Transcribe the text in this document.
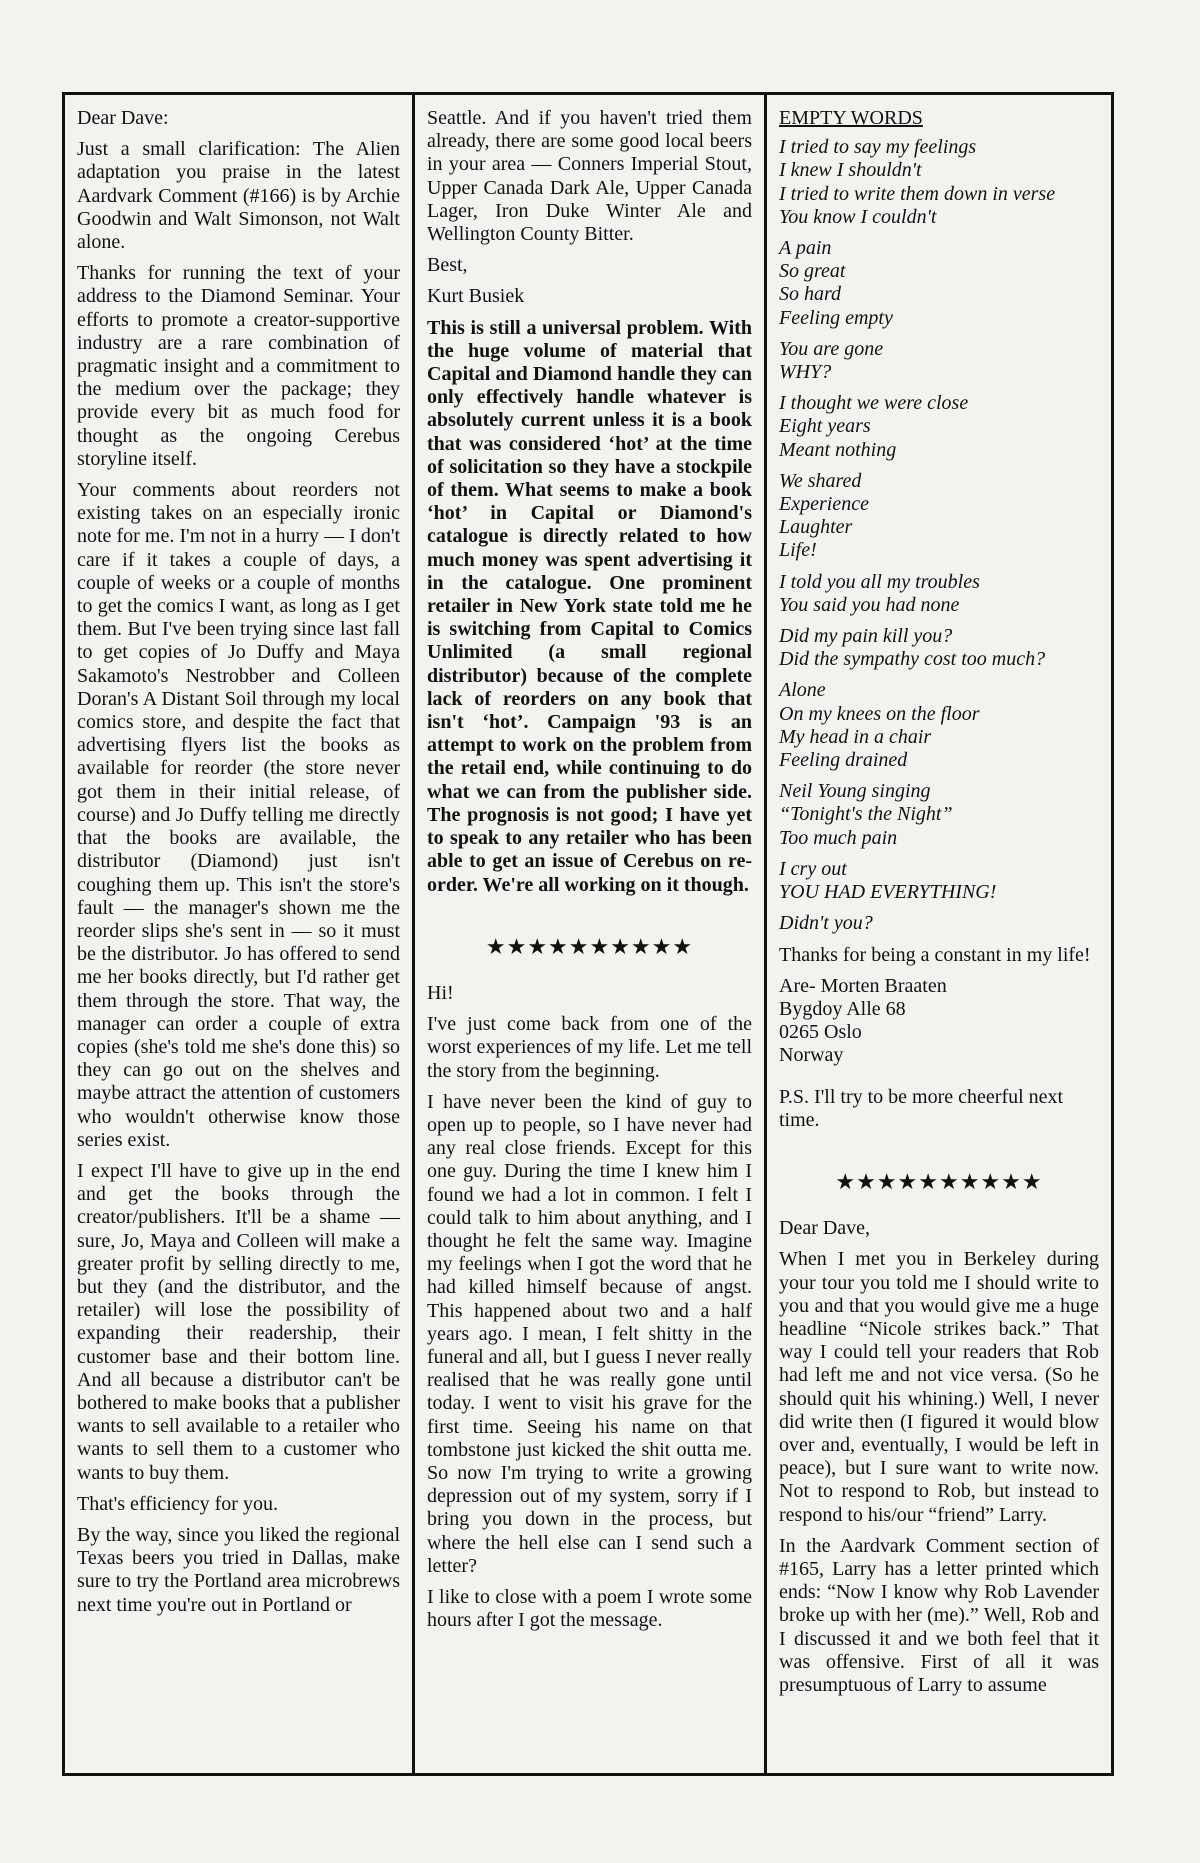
Dear Dave:

Just a small clarification: The Alien adaptation you praise in the latest Aardvark Comment (#166) is by Archie Goodwin and Walt Simonson, not Walt alone.

Thanks for running the text of your address to the Diamond Seminar. Your efforts to promote a creator-supportive industry are a rare combination of pragmatic insight and a commitment to the medium over the package; they provide every bit as much food for thought as the ongoing Cerebus storyline itself.

Your comments about reorders not existing takes on an especially ironic note for me. I'm not in a hurry — I don't care if it takes a couple of days, a couple of weeks or a couple of months to get the comics I want, as long as I get them. But I've been trying since last fall to get copies of Jo Duffy and Maya Sakamoto's Nestrobber and Colleen Doran's A Distant Soil through my local comics store, and despite the fact that advertising flyers list the books as available for reorder (the store never got them in their initial release, of course) and Jo Duffy telling me directly that the books are available, the distributor (Diamond) just isn't coughing them up. This isn't the store's fault — the manager's shown me the reorder slips she's sent in — so it must be the distributor. Jo has offered to send me her books directly, but I'd rather get them through the store. That way, the manager can order a couple of extra copies (she's told me she's done this) so they can go out on the shelves and maybe attract the attention of customers who wouldn't otherwise know those series exist.

I expect I'll have to give up in the end and get the books through the creator/publishers. It'll be a shame — sure, Jo, Maya and Colleen will make a greater profit by selling directly to me, but they (and the distributor, and the retailer) will lose the possibility of expanding their readership, their customer base and their bottom line. And all because a distributor can't be bothered to make books that a publisher wants to sell available to a retailer who wants to sell them to a customer who wants to buy them.

That's efficiency for you.

By the way, since you liked the regional Texas beers you tried in Dallas, make sure to try the Portland area microbrews next time you're out in Portland or

Seattle. And if you haven't tried them already, there are some good local beers in your area — Conners Imperial Stout, Upper Canada Dark Ale, Upper Canada Lager, Iron Duke Winter Ale and Wellington County Bitter.

Best,

Kurt Busiek

This is still a universal problem. With the huge volume of material that Capital and Diamond handle they can only effectively handle whatever is absolutely current unless it is a book that was considered ‘hot’ at the time of solicitation so they have a stockpile of them. What seems to make a book ‘hot’ in Capital or Diamond's catalogue is directly related to how much money was spent advertising it in the catalogue. One prominent retailer in New York state told me he is switching from Capital to Comics Unlimited (a small regional distributor) because of the complete lack of reorders on any book that isn't ‘hot’. Campaign '93 is an attempt to work on the problem from the retail end, while continuing to do what we can from the publisher side. The prognosis is not good; I have yet to speak to any retailer who has been able to get an issue of Cerebus on re-order. We're all working on it though.

★★★★★★★★★★

Hi!

I've just come back from one of the worst experiences of my life. Let me tell the story from the beginning.

I have never been the kind of guy to open up to people, so I have never had any real close friends. Except for this one guy. During the time I knew him I found we had a lot in common. I felt I could talk to him about anything, and I thought he felt the same way. Imagine my feelings when I got the word that he had killed himself because of angst. This happened about two and a half years ago. I mean, I felt shitty in the funeral and all, but I guess I never really realised that he was really gone until today. I went to visit his grave for the first time. Seeing his name on that tombstone just kicked the shit outta me. So now I'm trying to write a growing depression out of my system, sorry if I bring you down in the process, but where the hell else can I send such a letter?

I like to close with a poem I wrote some hours after I got the message.

EMPTY WORDS
I tried to say my feelings
I knew I shouldn't
I tried to write them down in verse
You know I couldn't
A pain
So great
So hard
Feeling empty
You are gone
WHY?
I thought we were close
Eight years
Meant nothing
We shared
Experience
Laughter
Life!
I told you all my troubles
You said you had none
Did my pain kill you?
Did the sympathy cost too much?
Alone
On my knees on the floor
My head in a chair
Feeling drained
Neil Young singing
“Tonight's the Night”
Too much pain
I cry out
YOU HAD EVERYTHING!
Didn't you?

Thanks for being a constant in my life!

Are- Morten Braaten
Bygdoy Alle 68
0265 Oslo
Norway

P.S. I'll try to be more cheerful next time.

★★★★★★★★★★

Dear Dave,

When I met you in Berkeley during your tour you told me I should write to you and that you would give me a huge headline “Nicole strikes back.” That way I could tell your readers that Rob had left me and not vice versa. (So he should quit his whining.) Well, I never did write then (I figured it would blow over and, eventually, I would be left in peace), but I sure want to write now. Not to respond to Rob, but instead to respond to his/our “friend” Larry.

In the Aardvark Comment section of #165, Larry has a letter printed which ends: “Now I know why Rob Lavender broke up with her (me).” Well, Rob and I discussed it and we both feel that it was offensive. First of all it was presumptuous of Larry to assume
